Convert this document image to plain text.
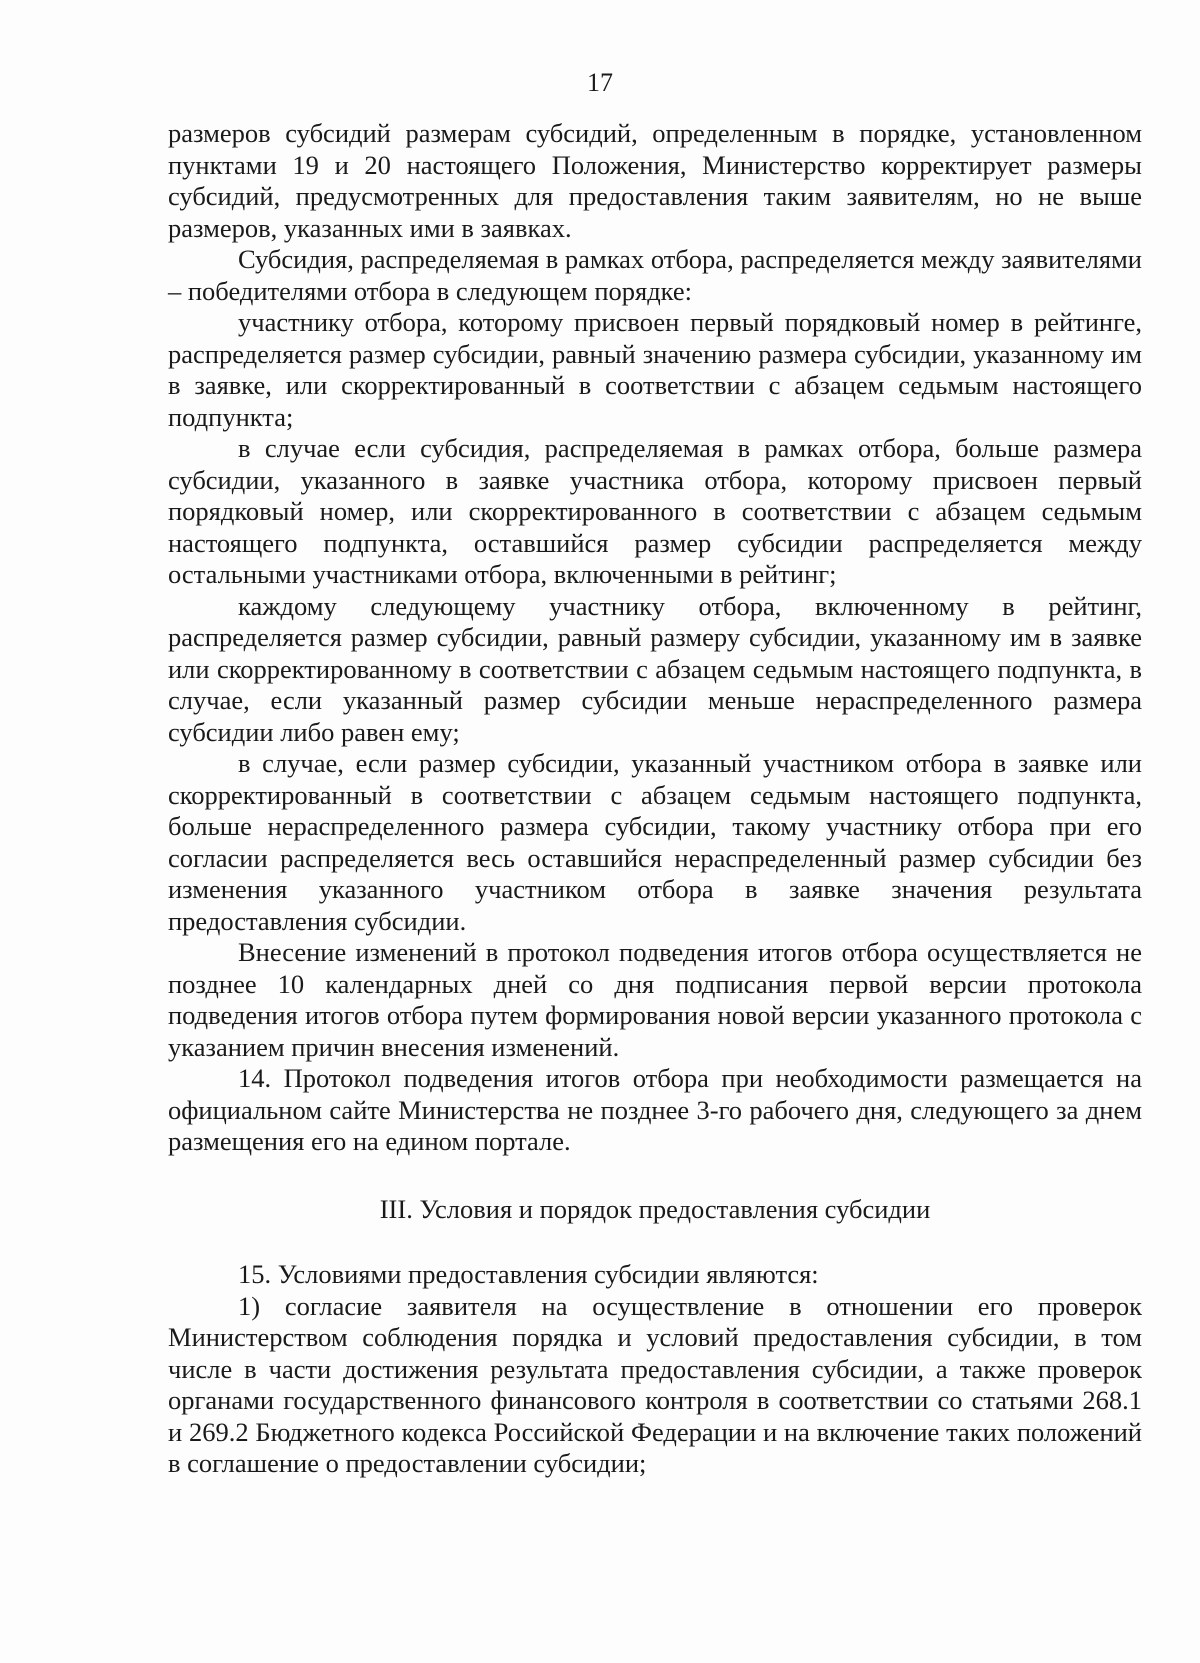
17

размеров субсидий размерам субсидий, определенным в порядке, установленном пунктами 19 и 20 настоящего Положения, Министерство корректирует размеры субсидий, предусмотренных для предоставления таким заявителям, но не выше размеров, указанных ими в заявках.

Субсидия, распределяемая в рамках отбора, распределяется между заявителями – победителями отбора в следующем порядке:

участнику отбора, которому присвоен первый порядковый номер в рейтинге, распределяется размер субсидии, равный значению размера субсидии, указанному им в заявке, или скорректированный в соответствии с абзацем седьмым настоящего подпункта;

в случае если субсидия, распределяемая в рамках отбора, больше размера субсидии, указанного в заявке участника отбора, которому присвоен первый порядковый номер, или скорректированного в соответствии с абзацем седьмым настоящего подпункта, оставшийся размер субсидии распределяется между остальными участниками отбора, включенными в рейтинг;

каждому следующему участнику отбора, включенному в рейтинг, распределяется размер субсидии, равный размеру субсидии, указанному им в заявке или скорректированному в соответствии с абзацем седьмым настоящего подпункта, в случае, если указанный размер субсидии меньше нераспределенного размера субсидии либо равен ему;

в случае, если размер субсидии, указанный участником отбора в заявке или скорректированный в соответствии с абзацем седьмым настоящего подпункта, больше нераспределенного размера субсидии, такому участнику отбора при его согласии распределяется весь оставшийся нераспределенный размер субсидии без изменения указанного участником отбора в заявке значения результата предоставления субсидии.

Внесение изменений в протокол подведения итогов отбора осуществляется не позднее 10 календарных дней со дня подписания первой версии протокола подведения итогов отбора путем формирования новой версии указанного протокола с указанием причин внесения изменений.

14. Протокол подведения итогов отбора при необходимости размещается на официальном сайте Министерства не позднее 3-го рабочего дня, следующего за днем размещения его на едином портале.

III. Условия и порядок предоставления субсидии

15. Условиями предоставления субсидии являются:

1) согласие заявителя на осуществление в отношении его проверок Министерством соблюдения порядка и условий предоставления субсидии, в том числе в части достижения результата предоставления субсидии, а также проверок органами государственного финансового контроля в соответствии со статьями 268.1 и 269.2 Бюджетного кодекса Российской Федерации и на включение таких положений в соглашение о предоставлении субсидии;
